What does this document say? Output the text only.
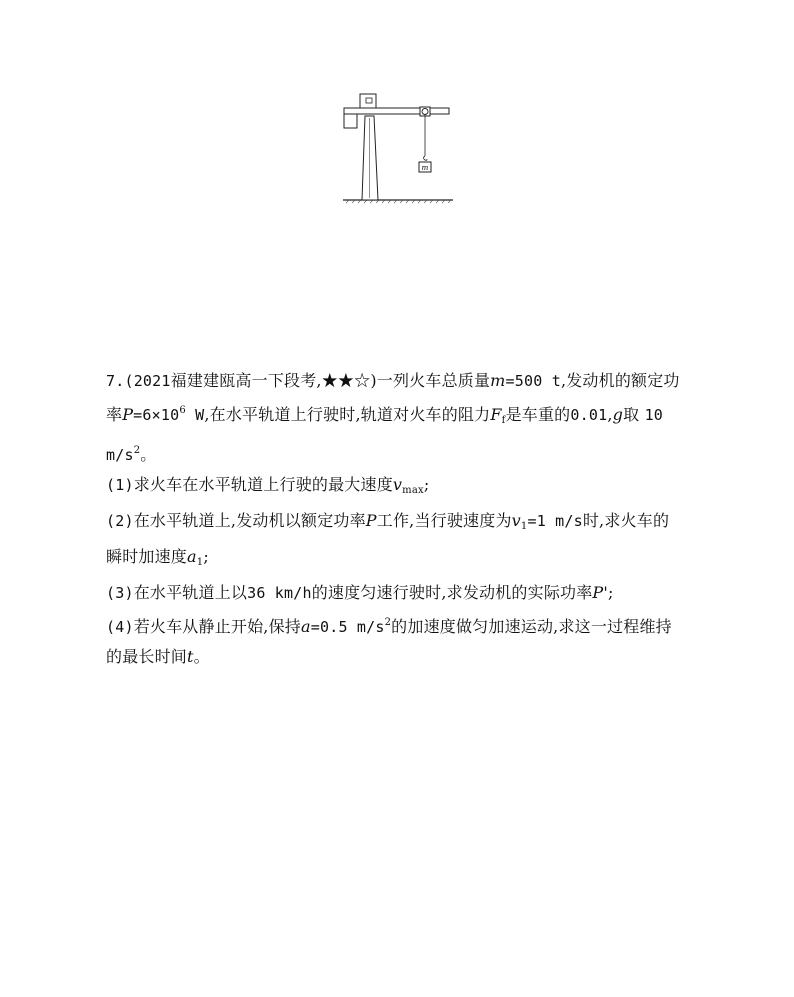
m

7.(2021福建建瓯高一下段考,★★☆)一列火车总质量m=500 t,发动机的额定功
率$P=6\times 10^6$ W,在水平轨道上行驶时,轨道对火车的阻力$F_f$是车重的0.01,g取 10
$m/s^2$。

(1)求火车在水平轨道上行驶的最大速度$v_{max}$;

(2)在水平轨道上,发动机以额定功率P工作,当行驶速度为$v_1=1$ m/s时,求火车的
瞬时加速度$a_1$;

(3)在水平轨道上以36 km/h的速度匀速行驶时,求发动机的实际功率P';

(4)若火车从静止开始,保持a=0.5 $m/s^2$的加速度做匀加速运动,求这一过程维持
的最长时间t。
